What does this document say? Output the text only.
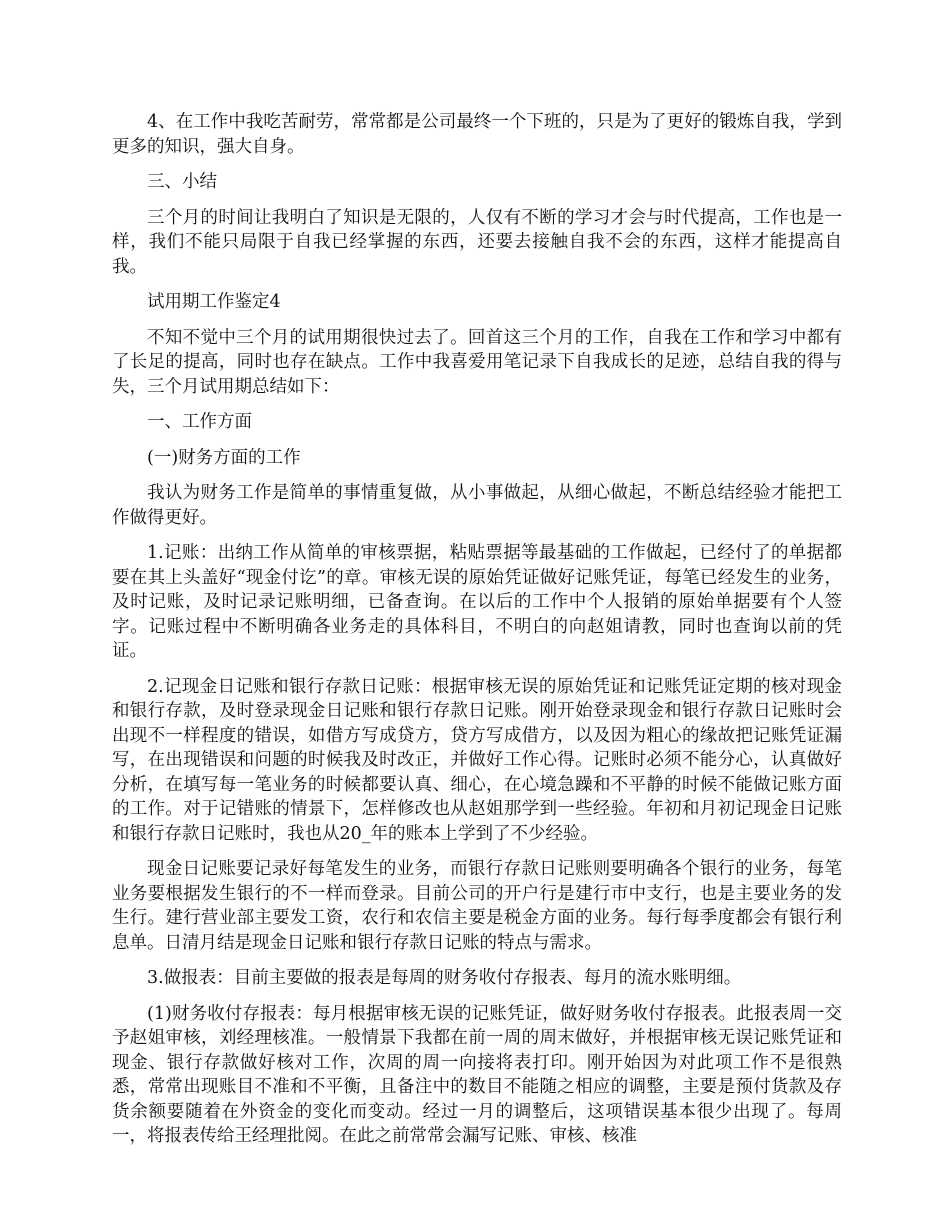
4、在工作中我吃苦耐劳，常常都是公司最终一个下班的，只是为了更好的锻炼自我，学到更多的知识，强大自身。

三、小结

三个月的时间让我明白了知识是无限的，人仅有不断的学习才会与时代提高，工作也是一样，我们不能只局限于自我已经掌握的东西，还要去接触自我不会的东西，这样才能提高自我。

试用期工作鉴定4

不知不觉中三个月的试用期很快过去了。回首这三个月的工作，自我在工作和学习中都有了长足的提高，同时也存在缺点。工作中我喜爱用笔记录下自我成长的足迹，总结自我的得与失，三个月试用期总结如下：

一、工作方面

(一)财务方面的工作

我认为财务工作是简单的事情重复做，从小事做起，从细心做起，不断总结经验才能把工作做得更好。

1.记账：出纳工作从简单的审核票据，粘贴票据等最基础的工作做起，已经付了的单据都要在其上头盖好“现金付讫”的章。审核无误的原始凭证做好记账凭证，每笔已经发生的业务，及时记账，及时记录记账明细，已备查询。在以后的工作中个人报销的原始单据要有个人签字。记账过程中不断明确各业务走的具体科目，不明白的向赵姐请教，同时也查询以前的凭证。

2.记现金日记账和银行存款日记账：根据审核无误的原始凭证和记账凭证定期的核对现金和银行存款，及时登录现金日记账和银行存款日记账。刚开始登录现金和银行存款日记账时会出现不一样程度的错误，如借方写成贷方，贷方写成借方，以及因为粗心的缘故把记账凭证漏写，在出现错误和问题的时候我及时改正，并做好工作心得。记账时必须不能分心，认真做好分析，在填写每一笔业务的时候都要认真、细心，在心境急躁和不平静的时候不能做记账方面的工作。对于记错账的情景下，怎样修改也从赵姐那学到一些经验。年初和月初记现金日记账和银行存款日记账时，我也从20_年的账本上学到了不少经验。

现金日记账要记录好每笔发生的业务，而银行存款日记账则要明确各个银行的业务，每笔业务要根据发生银行的不一样而登录。目前公司的开户行是建行市中支行，也是主要业务的发生行。建行营业部主要发工资，农行和农信主要是税金方面的业务。每行每季度都会有银行利息单。日清月结是现金日记账和银行存款日记账的特点与需求。

3.做报表：目前主要做的报表是每周的财务收付存报表、每月的流水账明细。

(1)财务收付存报表：每月根据审核无误的记账凭证，做好财务收付存报表。此报表周一交予赵姐审核，刘经理核准。一般情景下我都在前一周的周末做好，并根据审核无误记账凭证和现金、银行存款做好核对工作，次周的周一向接将表打印。刚开始因为对此项工作不是很熟悉，常常出现账目不准和不平衡，且备注中的数目不能随之相应的调整，主要是预付货款及存货余额要随着在外资金的变化而变动。经过一月的调整后，这项错误基本很少出现了。每周一，将报表传给王经理批阅。在此之前常常会漏写记账、审核、核准
